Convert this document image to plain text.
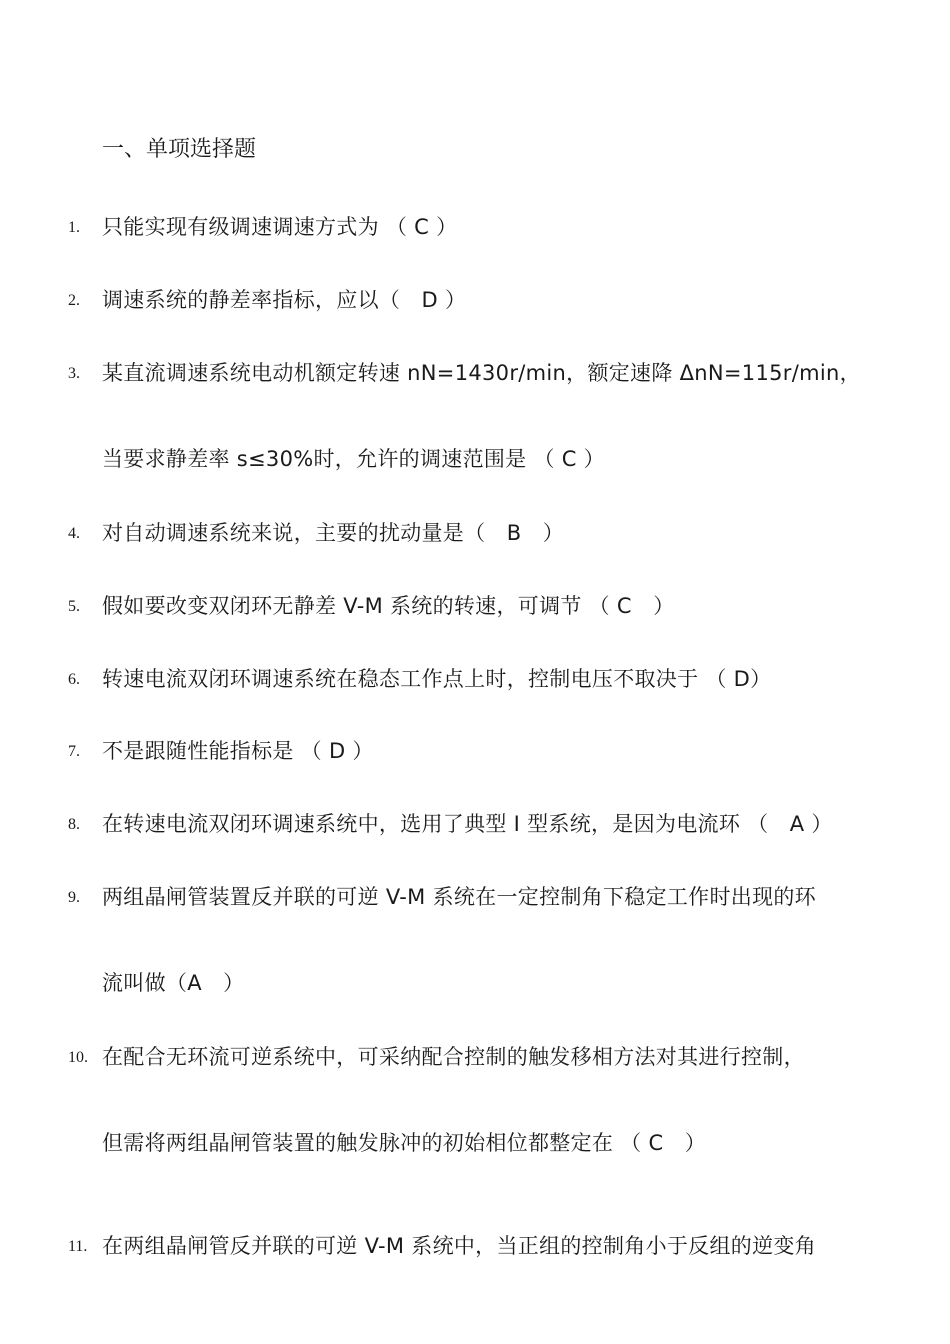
一、单项选择题
1.	只能实现有级调速调速方式为 （ C ）
2.	调速系统的静差率指标，应以（　D ）
3.	某直流调速系统电动机额定转速 nN=1430r/min，额定速降 ΔnN=115r/min，
当要求静差率 s≤30%时，允许的调速范围是 （ C ）
4.	对自动调速系统来说，主要的扰动量是（　B　）
5.	假如要改变双闭环无静差 V-M 系统的转速，可调节 （ C　）
6.	转速电流双闭环调速系统在稳态工作点上时，控制电压不取决于 （ D）
7.	不是跟随性能指标是 （ D ）
8.	在转速电流双闭环调速系统中，选用了典型 I 型系统，是因为电流环 （　A ）
9.	两组晶闸管装置反并联的可逆 V-M 系统在一定控制角下稳定工作时出现的环
流叫做（A　）
10. 在配合无环流可逆系统中，可采纳配合控制的触发移相方法对其进行控制，
但需将两组晶闸管装置的触发脉冲的初始相位都整定在 （ C　）
11. 在两组晶闸管反并联的可逆 V-M 系统中，当正组的控制角小于反组的逆变角
